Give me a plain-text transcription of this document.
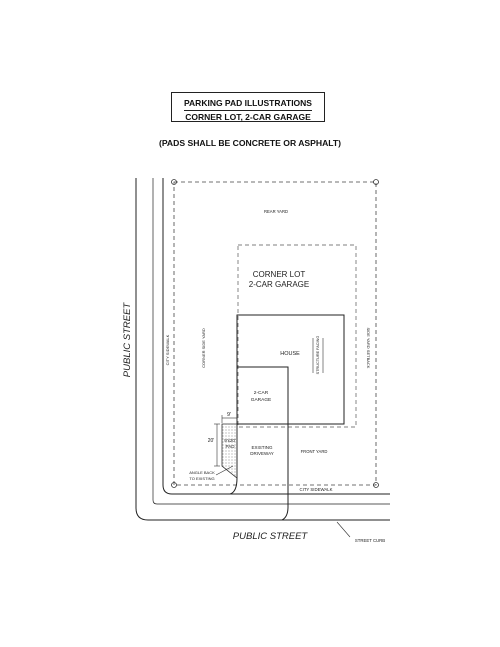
PARKING PAD ILLUSTRATIONS
CORNER LOT, 2-CAR GARAGE
(PADS SHALL BE CONCRETE OR ASPHALT)
PUBLIC STREET
PUBLIC STREET
REAR YARD
CORNER LOT
2-CAR GARAGE
CITY SIDEWALK	CORNER SIDE YARD	HOUSE	STRUCTURE FACING	SIDE YARD SETBACK
2-CAR
GARAGE
9'
20' 9'x20'
PAD	EXISTING
DRIVEWAY	FRONT YARD
ANGLE BACK
TO EXISTING
CITY SIDEWALK
STREET CURB
